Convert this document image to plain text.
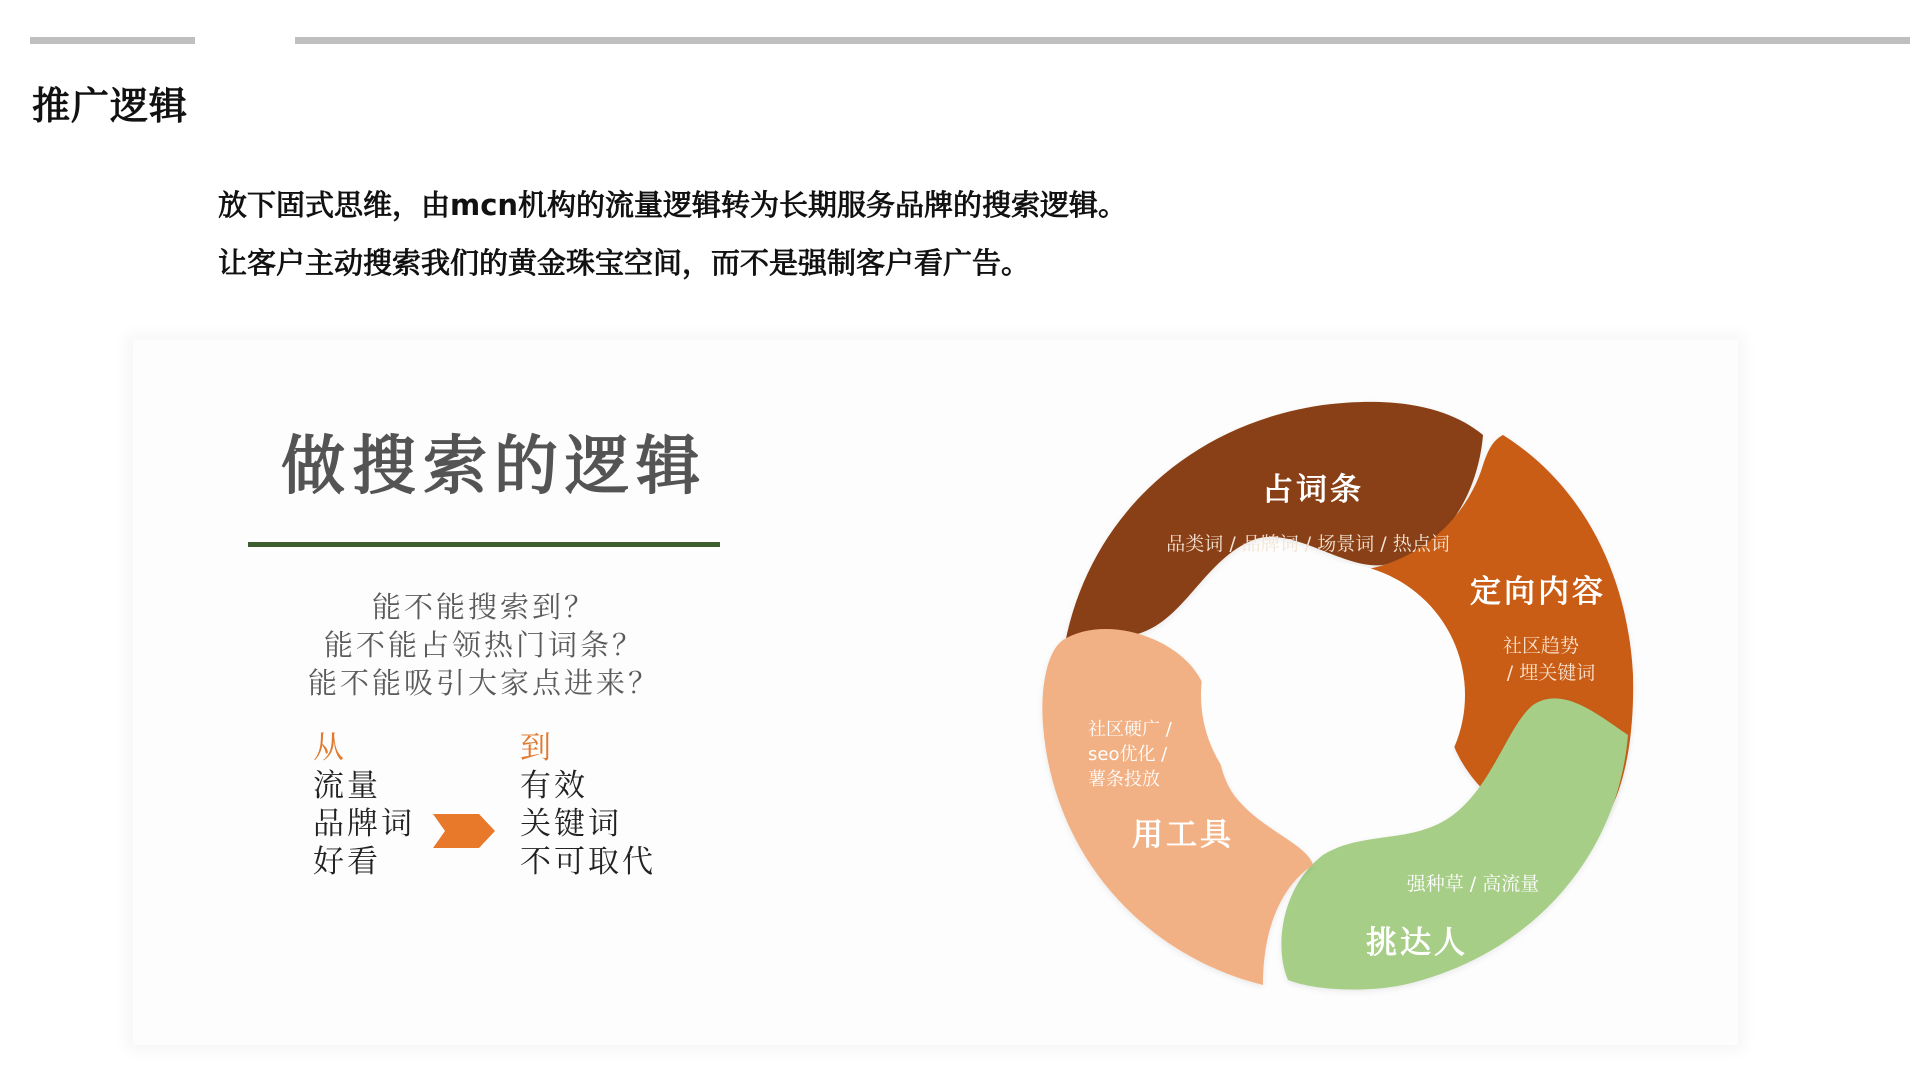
推广逻辑
放下固式思维，由mcn机构的流量逻辑转为长期服务品牌的搜索逻辑。
让客户主动搜索我们的黄金珠宝空间，而不是强制客户看广告。
做搜索的逻辑
能不能搜索到？
能不能占领热门词条？
能不能吸引大家点进来？
从
流量
品牌词
好看
到
有效
关键词
不可取代
占词条
品类词 / 品牌词 / 场景词 / 热点词
定向内容
社区趋势
/ 埋关键词
挑达人
强种草 / 高流量
用工具
社区硬广 /
seo优化 /
薯条投放
